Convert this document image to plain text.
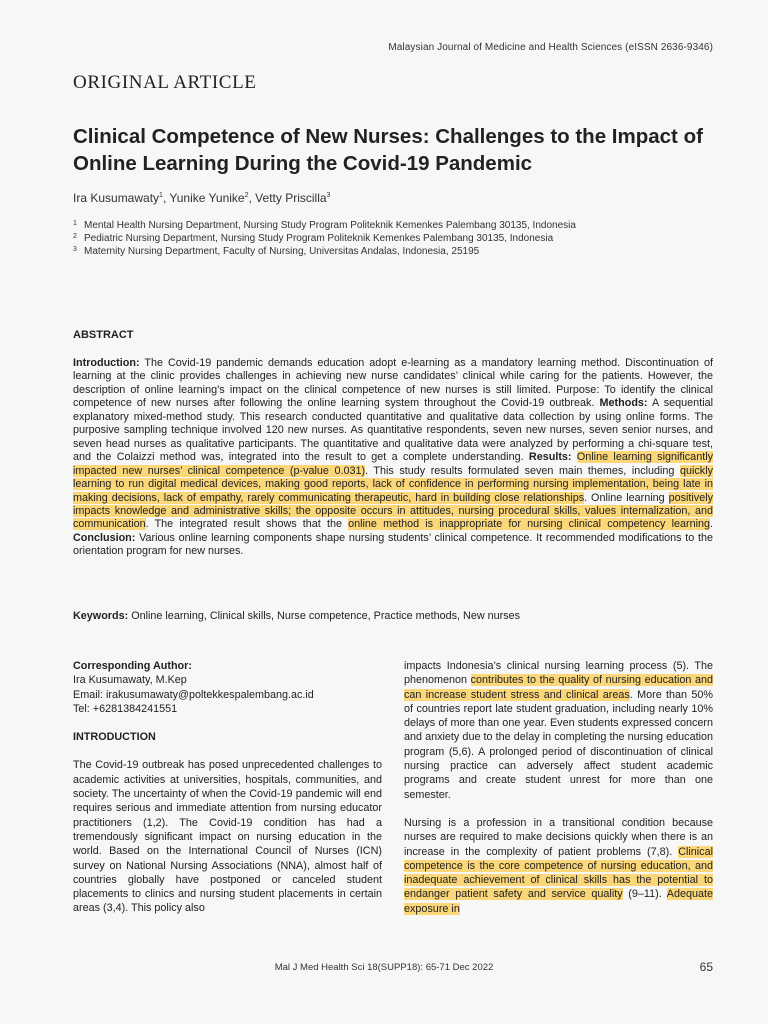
Malaysian Journal of Medicine and Health Sciences (eISSN 2636-9346)
ORIGINAL ARTICLE
Clinical Competence of New Nurses: Challenges to the Impact of Online Learning During the Covid-19 Pandemic
Ira Kusumawaty$^1$, Yunike Yunike$^2$, Vetty Priscilla$^3$
1 Mental Health Nursing Department, Nursing Study Program Politeknik Kemenkes Palembang 30135, Indonesia
2 Pediatric Nursing Department, Nursing Study Program Politeknik Kemenkes Palembang 30135, Indonesia
3 Maternity Nursing Department, Faculty of Nursing, Universitas Andalas, Indonesia, 25195
ABSTRACT
Introduction: The Covid-19 pandemic demands education adopt e-learning as a mandatory learning method. Discontinuation of learning at the clinic provides challenges in achieving new nurse candidates’ clinical while caring for the patients. However, the description of online learning’s impact on the clinical competence of new nurses is still limited. Purpose: To identify the clinical competence of new nurses after following the online learning system throughout the Covid-19 outbreak. Methods: A sequential explanatory mixed-method study. This research conducted quantitative and qualitative data collection by using online forms. The purposive sampling technique involved 120 new nurses. As quantitative respondents, seven new nurses, seven senior nurses, and seven head nurses as qualitative participants. The quantitative and qualitative data were analyzed by performing a chi-square test, and the Colaizzi method was, integrated into the result to get a complete understanding. Results: Online learning significantly impacted new nurses’ clinical competence (p-value 0.031). This study results formulated seven main themes, including quickly learning to run digital medical devices, making good reports, lack of confidence in performing nursing implementation, being late in making decisions, lack of empathy, rarely communicating therapeutic, hard in building close relationships. Online learning positively impacts knowledge and administrative skills; the opposite occurs in attitudes, nursing procedural skills, values internalization, and communication. The integrated result shows that the online method is inappropriate for nursing clinical competency learning. Conclusion: Various online learning components shape nursing students’ clinical competence. It recommended modifications to the orientation program for new nurses.
Keywords: Online learning, Clinical skills, Nurse competence, Practice methods, New nurses

Corresponding Author:

Ira Kusumawaty, M.Kep

Email: irakusumawaty@poltekkespalembang.ac.id

Tel: +6281384241551

INTRODUCTION

The Covid-19 outbreak has posed unprecedented challenges to academic activities at universities, hospitals, communities, and society. The uncertainty of when the Covid-19 pandemic will end requires serious and immediate attention from nursing educator practitioners (1,2). The Covid-19 condition has had a tremendously significant impact on nursing education in the world. Based on the International Council of Nurses (ICN) survey on National Nursing Associations (NNA), almost half of countries globally have postponed or canceled student placements to clinics and nursing student placements in certain areas (3,4). This policy also

impacts Indonesia’s clinical nursing learning process (5). The phenomenon contributes to the quality of nursing education and can increase student stress and clinical areas. More than 50% of countries report late student graduation, including nearly 10% delays of more than one year. Even students expressed concern and anxiety due to the delay in completing the nursing education program (5,6). A prolonged period of discontinuation of clinical nursing practice can adversely affect student academic programs and create student unrest for more than one semester.

Nursing is a profession in a transitional condition because nurses are required to make decisions quickly when there is an increase in the complexity of patient problems (7,8). Clinical competence is the core competence of nursing education, and inadequate achievement of clinical skills has the potential to endanger patient safety and service quality (9–11). Adequate exposure in

Mal J Med Health Sci 18(SUPP18): 65-71 Dec 2022	65
